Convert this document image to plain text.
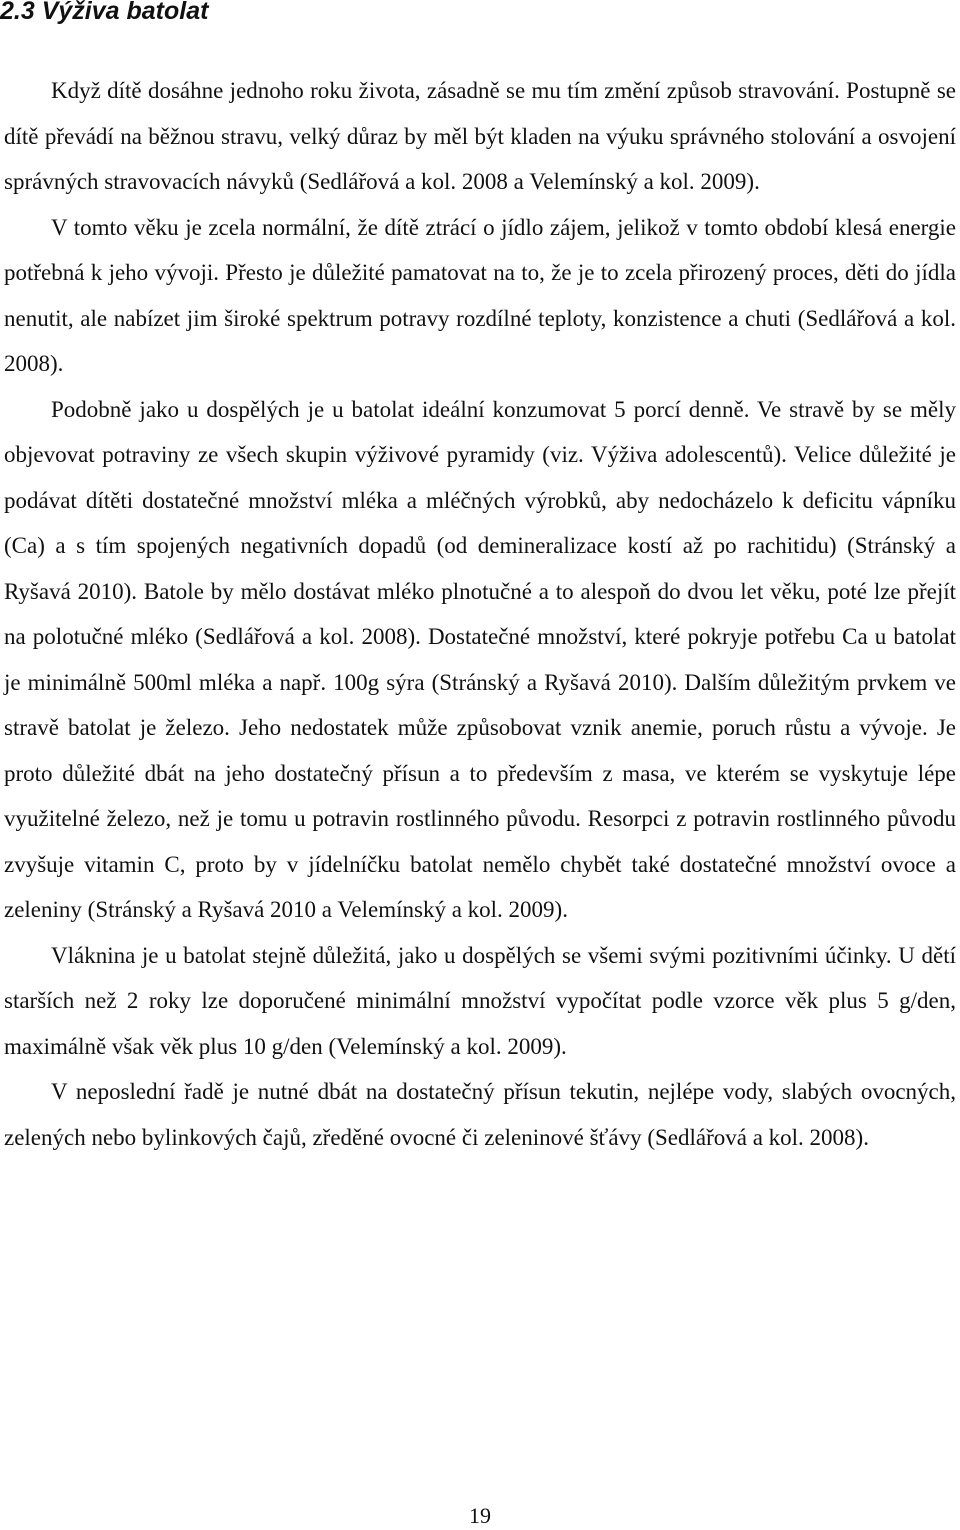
2.3 Výživa batolat

Když dítě dosáhne jednoho roku života, zásadně se mu tím změní způsob stravování. Postupně se dítě převádí na běžnou stravu, velký důraz by měl být kladen na výuku správného stolování a osvojení správných stravovacích návyků (Sedlářová a kol. 2008 a Velemínský a kol. 2009).

V tomto věku je zcela normální, že dítě ztrácí o jídlo zájem, jelikož v tomto období klesá energie potřebná k jeho vývoji. Přesto je důležité pamatovat na to, že je to zcela přirozený proces, děti do jídla nenutit, ale nabízet jim široké spektrum potravy rozdílné teploty, konzistence a chuti (Sedlářová a kol. 2008).

Podobně jako u dospělých je u batolat ideální konzumovat 5 porcí denně. Ve stravě by se měly objevovat potraviny ze všech skupin výživové pyramidy (viz. Výživa adolescentů). Velice důležité je podávat dítěti dostatečné množství mléka a mléčných výrobků, aby nedocházelo k deficitu vápníku (Ca) a s tím spojených negativních dopadů (od demineralizace kostí až po rachitidu) (Stránský a Ryšavá 2010). Batole by mělo dostávat mléko plnotučné a to alespoň do dvou let věku, poté lze přejít na polotučné mléko (Sedlářová a kol. 2008). Dostatečné množství, které pokryje potřebu Ca u batolat je minimálně 500ml mléka a např. 100g sýra (Stránský a Ryšavá 2010). Dalším důležitým prvkem ve stravě batolat je železo. Jeho nedostatek může způsobovat vznik anemie, poruch růstu a vývoje. Je proto důležité dbát na jeho dostatečný přísun a to především z masa, ve kterém se vyskytuje lépe využitelné železo, než je tomu u potravin rostlinného původu. Resorpci z potravin rostlinného původu zvyšuje vitamin C, proto by v jídelníčku batolat nemělo chybět také dostatečné množství ovoce a zeleniny (Stránský a Ryšavá 2010 a Velemínský a kol. 2009).

Vláknina je u batolat stejně důležitá, jako u dospělých se všemi svými pozitivními účinky. U dětí starších než 2 roky lze doporučené minimální množství vypočítat podle vzorce věk plus 5 g/den, maximálně však věk plus 10 g/den (Velemínský a kol. 2009).

V neposlední řadě je nutné dbát na dostatečný přísun tekutin, nejlépe vody, slabých ovocných, zelených nebo bylinkových čajů, zředěné ovocné či zeleninové šťávy (Sedlářová a kol. 2008).

19
